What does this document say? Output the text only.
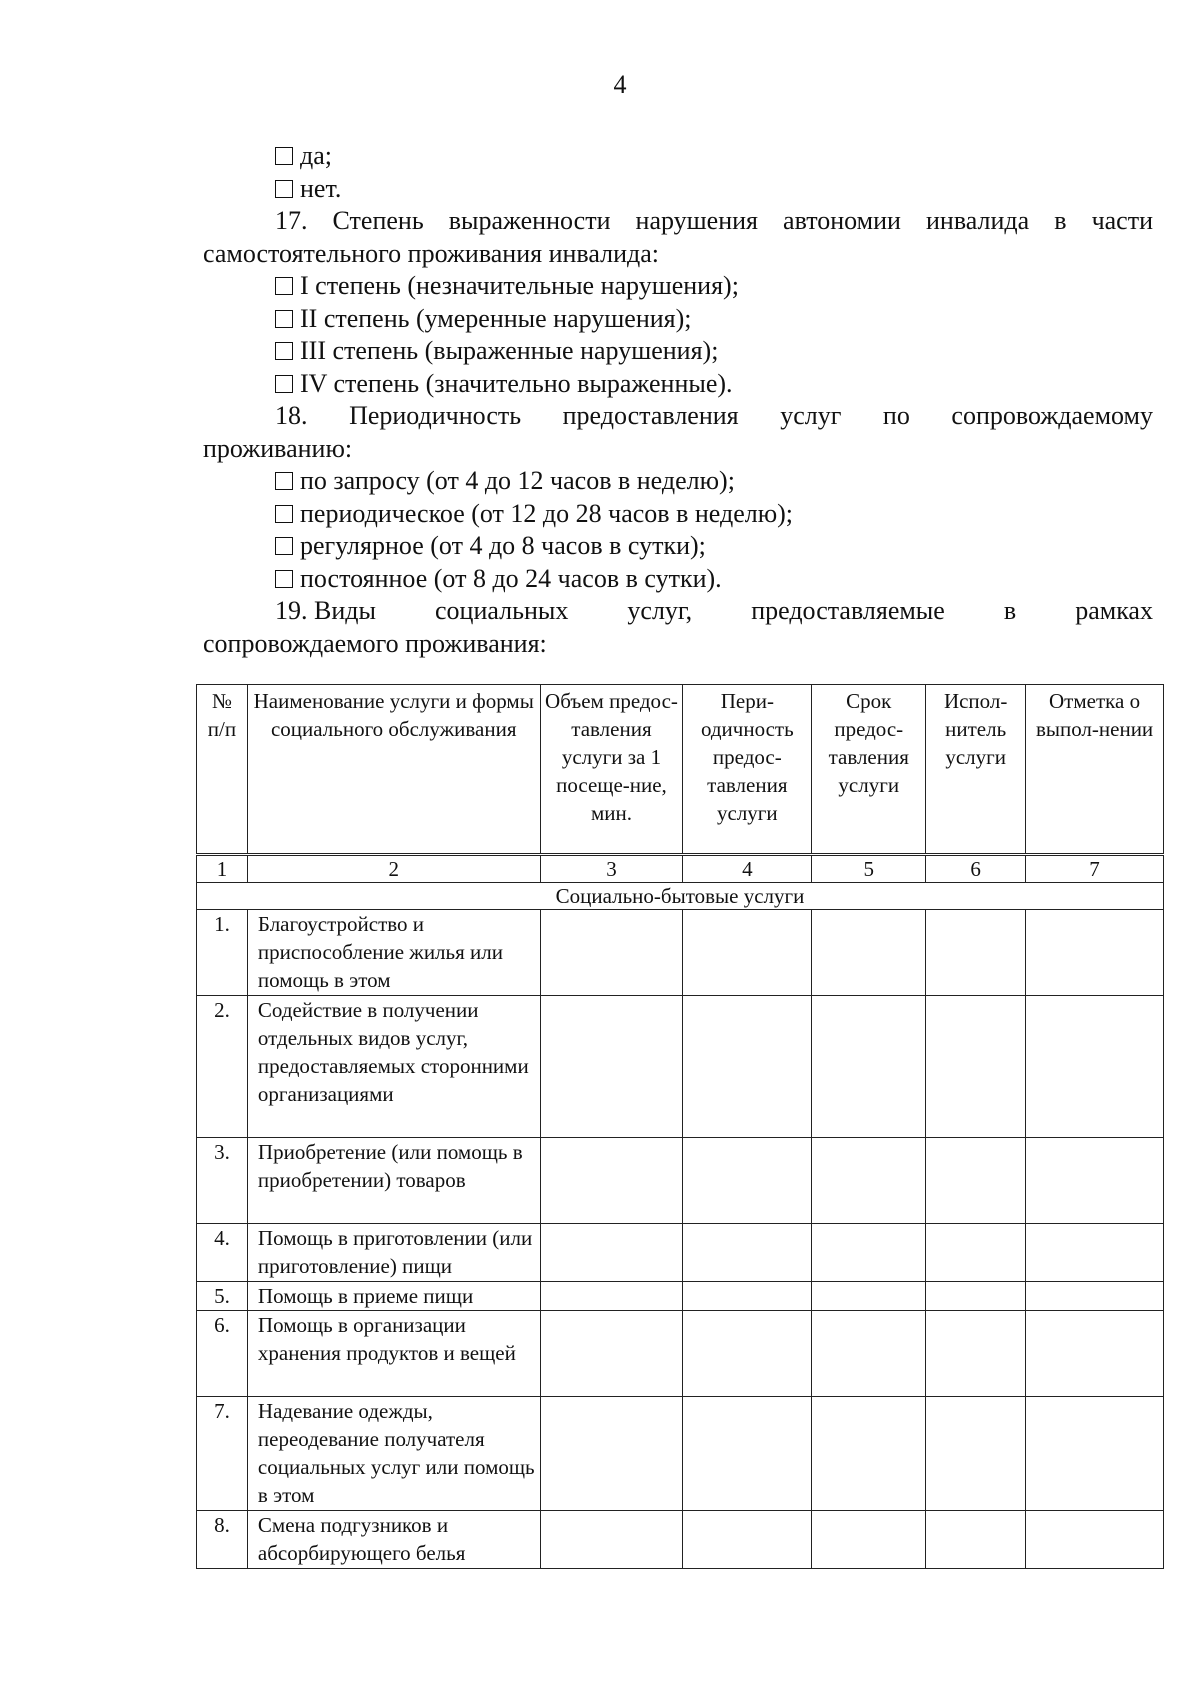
4
да;
нет.
17. Степень выраженности нарушения автономии инвалида в части
самостоятельного проживания инвалида:
I степень (незначительные нарушения);
II степень (умеренные нарушения);
III степень (выраженные нарушения);
IV степень (значительно выраженные).
18. Периодичность предоставления услуг по сопровождаемому
проживанию:
по запросу (от 4 до 12 часов в неделю);
периодическое (от 12 до 28 часов в неделю);
регулярное (от 4 до 8 часов в сутки);
постоянное (от 8 до 24 часов в сутки).
19. Виды социальных услуг, предоставляемые в рамках
сопровождаемого проживания:
№ п/п	Наименование услуги и формы социального обслуживания	Объем предос-тавления услуги за 1 посеще-ние, мин.	Пери-одичность предос-тавления услуги	Срок предос-тавления услуги	Испол-нитель услуги	Отметка о выпол-нении
1	2	3	4	5	6	7
Социально-бытовые услуги						
1.	Благоустройство и приспособление жилья или помощь в этом					
2.	Содействие в получении отдельных видов услуг, предоставляемых сторонними организациями					
3.	Приобретение (или помощь в приобретении) товаров					
4.	Помощь в приготовлении (или приготовление) пищи					
5.	Помощь в приеме пищи					
6.	Помощь в организации хранения продуктов и вещей					
7.	Надевание одежды, переодевание получателя социальных услуг или помощь в этом					
8.	Смена подгузников и абсорбирующего белья					
